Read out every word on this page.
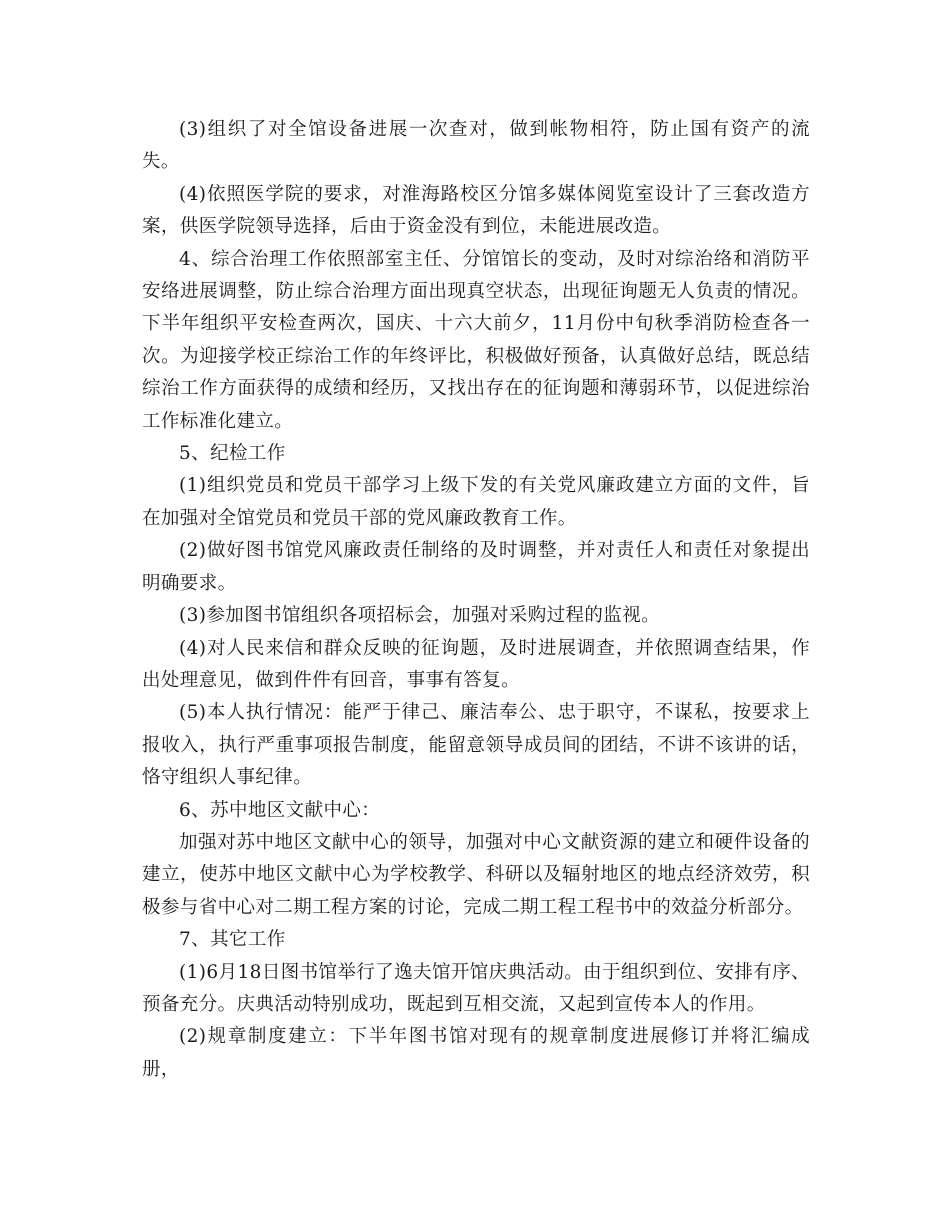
(3)组织了对全馆设备进展一次查对，做到帐物相符，防止国有资产的流失。

(4)依照医学院的要求，对淮海路校区分馆多媒体阅览室设计了三套改造方案，供医学院领导选择，后由于资金没有到位，未能进展改造。

4、综合治理工作依照部室主任、分馆馆长的变动，及时对综治络和消防平安络进展调整，防止综合治理方面出现真空状态，出现征询题无人负责的情况。下半年组织平安检查两次，国庆、十六大前夕，11月份中旬秋季消防检查各一次。为迎接学校正综治工作的年终评比，积极做好预备，认真做好总结，既总结综治工作方面获得的成绩和经历，又找出存在的征询题和薄弱环节，以促进综治工作标准化建立。

5、纪检工作

(1)组织党员和党员干部学习上级下发的有关党风廉政建立方面的文件，旨在加强对全馆党员和党员干部的党风廉政教育工作。

(2)做好图书馆党风廉政责任制络的及时调整，并对责任人和责任对象提出明确要求。

(3)参加图书馆组织各项招标会，加强对采购过程的监视。

(4)对人民来信和群众反映的征询题，及时进展调查，并依照调查结果，作出处理意见，做到件件有回音，事事有答复。

(5)本人执行情况：能严于律己、廉洁奉公、忠于职守，不谋私，按要求上报收入，执行严重事项报告制度，能留意领导成员间的团结，不讲不该讲的话，恪守组织人事纪律。

6、苏中地区文献中心：

加强对苏中地区文献中心的领导，加强对中心文献资源的建立和硬件设备的建立，使苏中地区文献中心为学校教学、科研以及辐射地区的地点经济效劳，积极参与省中心对二期工程方案的讨论，完成二期工程工程书中的效益分析部分。

7、其它工作

(1)6月18日图书馆举行了逸夫馆开馆庆典活动。由于组织到位、安排有序、预备充分。庆典活动特别成功，既起到互相交流，又起到宣传本人的作用。

(2)规章制度建立：下半年图书馆对现有的规章制度进展修订并将汇编成册，
